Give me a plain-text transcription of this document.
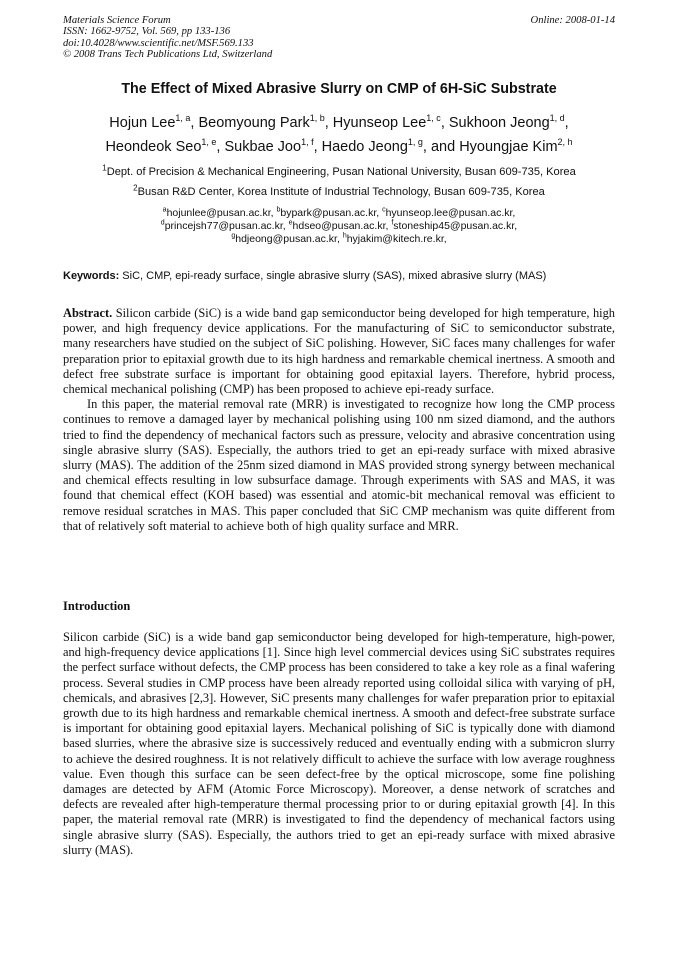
Materials Science Forum
ISSN: 1662-9752, Vol. 569, pp 133-136
doi:10.4028/www.scientific.net/MSF.569.133
© 2008 Trans Tech Publications Ltd, Switzerland
Online: 2008-01-14
The Effect of Mixed Abrasive Slurry on CMP of 6H-SiC Substrate
Hojun Lee$^{1, a}$, Beomyoung Park$^{1, b}$, Hyunseop Lee$^{1, c}$, Sukhoon Jeong$^{1, d}$,
Heondeok Seo$^{1, e}$, Sukbae Joo$^{1, f}$, Haedo Jeong$^{1, g}$, and Hyoungjae Kim$^{2, h}$
$^1$Dept. of Precision & Mechanical Engineering, Pusan National University, Busan 609-735, Korea
$^2$Busan R&D Center, Korea Institute of Industrial Technology, Busan 609-735, Korea
$^a$hojunlee@pusan.ac.kr, $^b$bypark@pusan.ac.kr, $^c$hyunseop.lee@pusan.ac.kr,
$^d$princejsh77@pusan.ac.kr, $^e$hdseo@pusan.ac.kr, $^f$stoneship45@pusan.ac.kr,
$^g$hdjeong@pusan.ac.kr, $^h$hyjakim@kitech.re.kr,
Keywords: SiC, CMP, epi-ready surface, single abrasive slurry (SAS), mixed abrasive slurry (MAS)

Abstract. Silicon carbide (SiC) is a wide band gap semiconductor being developed for high temperature, high power, and high frequency device applications. For the manufacturing of SiC to semiconductor substrate, many researchers have studied on the subject of SiC polishing. However, SiC faces many challenges for wafer preparation prior to epitaxial growth due to its high hardness and remarkable chemical inertness. A smooth and defect free substrate surface is important for obtaining good epitaxial layers. Therefore, hybrid process, chemical mechanical polishing (CMP) has been proposed to achieve epi-ready surface.

In this paper, the material removal rate (MRR) is investigated to recognize how long the CMP process continues to remove a damaged layer by mechanical polishing using 100 nm sized diamond, and the authors tried to find the dependency of mechanical factors such as pressure, velocity and abrasive concentration using single abrasive slurry (SAS). Especially, the authors tried to get an epi-ready surface with mixed abrasive slurry (MAS). The addition of the 25nm sized diamond in MAS provided strong synergy between mechanical and chemical effects resulting in low subsurface damage. Through experiments with SAS and MAS, it was found that chemical effect (KOH based) was essential and atomic-bit mechanical removal was efficient to remove residual scratches in MAS. This paper concluded that SiC CMP mechanism was quite different from that of relatively soft material to achieve both of high quality surface and MRR.

Introduction

Silicon carbide (SiC) is a wide band gap semiconductor being developed for high-temperature, high-power, and high-frequency device applications [1]. Since high level commercial devices using SiC substrates requires the perfect surface without defects, the CMP process has been considered to take a key role as a final wafering process. Several studies in CMP process have been already reported using colloidal silica with varying of pH, chemicals, and abrasives [2,3]. However, SiC presents many challenges for wafer preparation prior to epitaxial growth due to its high hardness and remarkable chemical inertness. A smooth and defect-free substrate surface is important for obtaining good epitaxial layers. Mechanical polishing of SiC is typically done with diamond based slurries, where the abrasive size is successively reduced and eventually ending with a submicron slurry to achieve the desired roughness. It is not relatively difficult to achieve the surface with low average roughness value. Even though this surface can be seen defect-free by the optical microscope, some fine polishing damages are detected by AFM (Atomic Force Microscopy). Moreover, a dense network of scratches and defects are revealed after high-temperature thermal processing prior to or during epitaxial growth [4]. In this paper, the material removal rate (MRR) is investigated to find the dependency of mechanical factors using single abrasive slurry (SAS). Especially, the authors tried to get an epi-ready surface with mixed abrasive slurry (MAS).
